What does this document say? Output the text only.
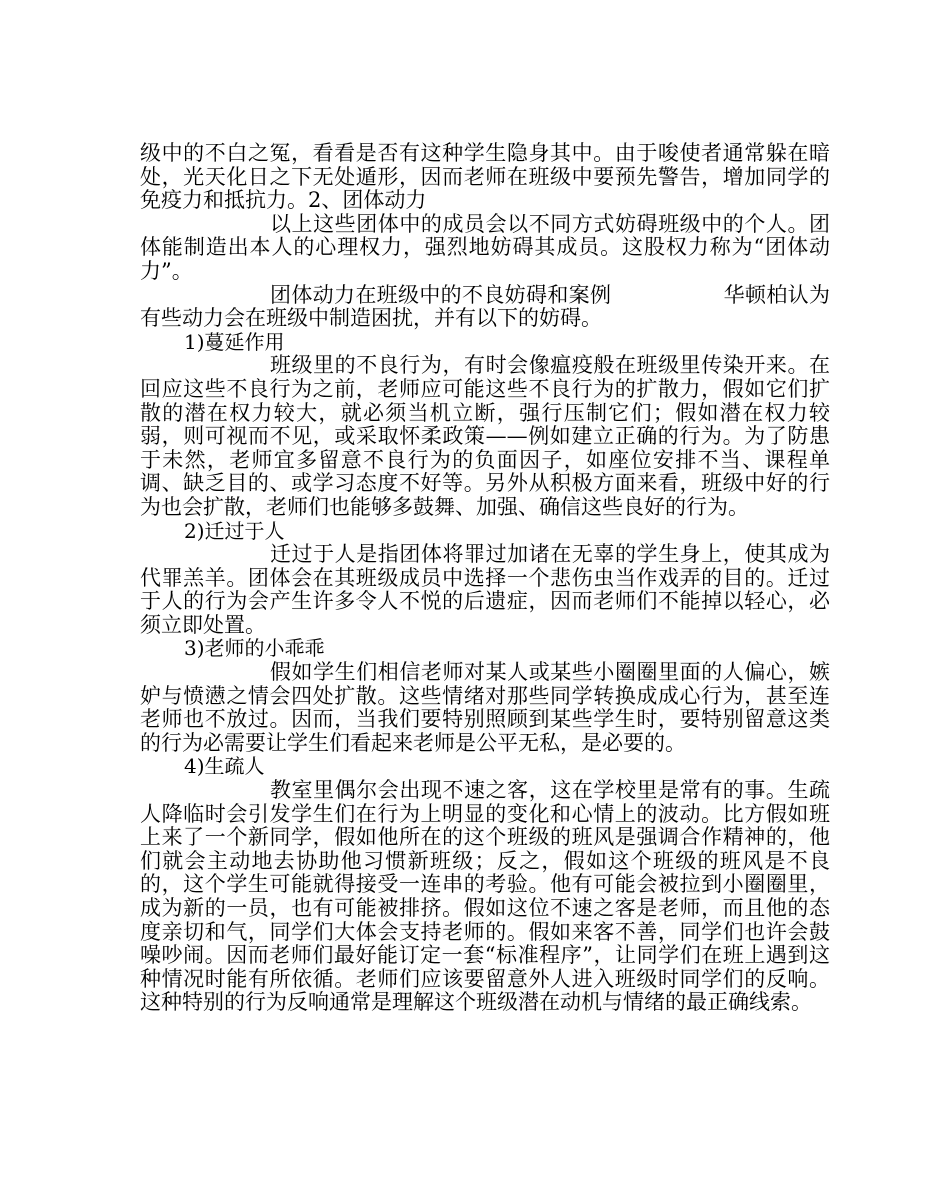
级中的不白之冤，看看是否有这种学生隐身其中。由于唆使者通常躲在暗处，光天化日之下无处遁形，因而老师在班级中要预先警告，增加同学的免疫力和抵抗力。2、团体动力

以上这些团体中的成员会以不同方式妨碍班级中的个人。团体能制造出本人的心理权力，强烈地妨碍其成员。这股权力称为“团体动力”。

团体动力在班级中的不良妨碍和案例	华顿柏认为有些动力会在班级中制造困扰，并有以下的妨碍。

1)蔓延作用

班级里的不良行为，有时会像瘟疫般在班级里传染开来。在回应这些不良行为之前，老师应可能这些不良行为的扩散力，假如它们扩散的潜在权力较大，就必须当机立断，强行压制它们；假如潜在权力较弱，则可视而不见，或采取怀柔政策——例如建立正确的行为。为了防患于未然，老师宜多留意不良行为的负面因子，如座位安排不当、课程单调、缺乏目的、或学习态度不好等。另外从积极方面来看，班级中好的行为也会扩散，老师们也能够多鼓舞、加强、确信这些良好的行为。

2)迁过于人

迁过于人是指团体将罪过加诸在无辜的学生身上，使其成为代罪羔羊。团体会在其班级成员中选择一个悲伤虫当作戏弄的目的。迁过于人的行为会产生许多令人不悦的后遗症，因而老师们不能掉以轻心，必须立即处置。

3)老师的小乖乖

假如学生们相信老师对某人或某些小圈圈里面的人偏心，嫉妒与愤懑之情会四处扩散。这些情绪对那些同学转换成成心行为，甚至连老师也不放过。因而，当我们要特别照顾到某些学生时，要特别留意这类的行为必需要让学生们看起来老师是公平无私，是必要的。

4)生疏人

教室里偶尔会出现不速之客，这在学校里是常有的事。生疏人降临时会引发学生们在行为上明显的变化和心情上的波动。比方假如班上来了一个新同学，假如他所在的这个班级的班风是强调合作精神的，他们就会主动地去协助他习惯新班级；反之，假如这个班级的班风是不良的，这个学生可能就得接受一连串的考验。他有可能会被拉到小圈圈里，成为新的一员，也有可能被排挤。假如这位不速之客是老师，而且他的态度亲切和气，同学们大体会支持老师的。假如来客不善，同学们也许会鼓噪吵闹。因而老师们最好能订定一套“标准程序”，让同学们在班上遇到这种情况时能有所依循。老师们应该要留意外人进入班级时同学们的反响。这种特别的行为反响通常是理解这个班级潜在动机与情绪的最正确线索。
